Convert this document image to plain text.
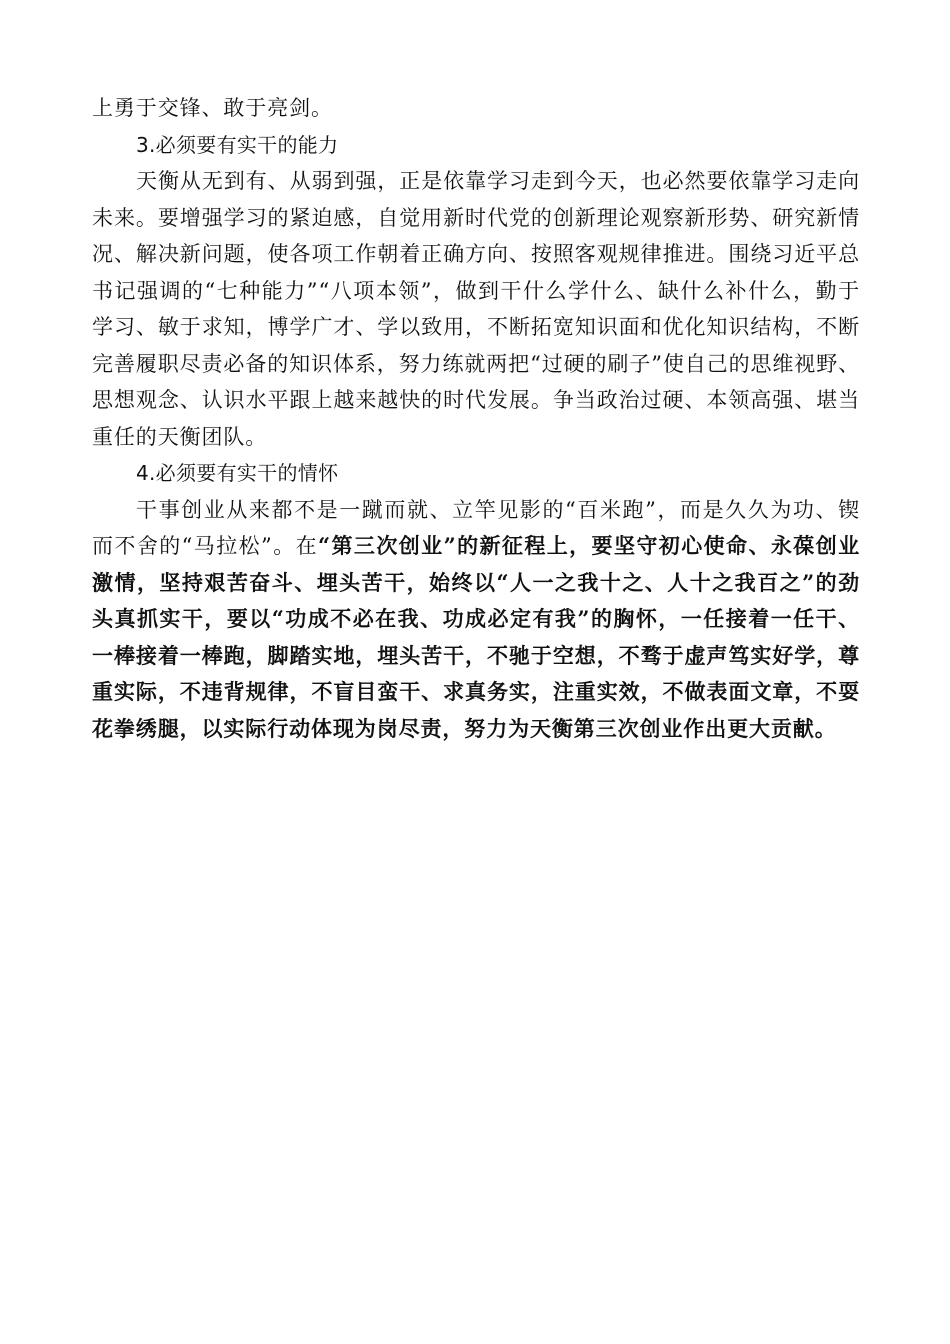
上勇于交锋、敢于亮剑。

3.必须要有实干的能力

天衡从无到有、从弱到强，正是依靠学习走到今天，也必然要依靠学习走向未来。要增强学习的紧迫感，自觉用新时代党的创新理论观察新形势、研究新情况、解决新问题，使各项工作朝着正确方向、按照客观规律推进。围绕习近平总书记强调的“七种能力”“八项本领”，做到干什么学什么、缺什么补什么，勤于学习、敏于求知，博学广才、学以致用，不断拓宽知识面和优化知识结构，不断完善履职尽责必备的知识体系，努力练就两把“过硬的刷子”使自己的思维视野、思想观念、认识水平跟上越来越快的时代发展。争当政治过硬、本领高强、堪当重任的天衡团队。

4.必须要有实干的情怀

干事创业从来都不是一蹴而就、立竿见影的“百米跑”，而是久久为功、锲而不舍的“马拉松”。在“第三次创业”的新征程上，要坚守初心使命、永葆创业激情，坚持艰苦奋斗、埋头苦干，始终以“人一之我十之、人十之我百之”的劲头真抓实干，要以“功成不必在我、功成必定有我”的胸怀，一任接着一任干、一棒接着一棒跑，脚踏实地，埋头苦干，不驰于空想，不骛于虚声笃实好学，尊重实际，不违背规律，不盲目蛮干、求真务实，注重实效，不做表面文章，不耍花拳绣腿，以实际行动体现为岗尽责，努力为天衡第三次创业作出更大贡献。
